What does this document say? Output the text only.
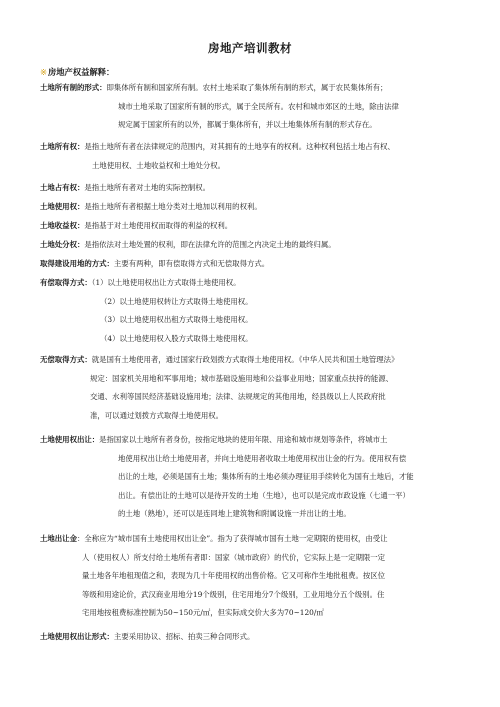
房地产培训教材
※房地产权益解释：

土地所有制的形式：即集体所有制和国家所有制。农村土地采取了集体所有制的形式，属于农民集体所有；

城市土地采取了国家所有制的形式，属于全民所有。农村和城市郊区的土地，除由法律

规定属于国家所有的以外，都属于集体所有，并以土地集体所有制的形式存在。

土地所有权：是指土地所有者在法律规定的范围内，对其拥有的土地享有的权利。这种权利包括土地占有权、

土地使用权、土地收益权和土地处分权。

土地占有权：是指土地所有者对土地的实际控制权。

土地使用权：是指土地所有者根据土地分类对土地加以利用的权利。

土地收益权：是指基于对土地使用权而取得的利益的权利。

土地处分权：是指依法对土地处置的权利，即在法律允许的范围之内决定土地的最终归属。

取得建设用地的方式：主要有两种，即有偿取得方式和无偿取得方式。

有偿取得方式：（1）以土地使用权出让方式取得土地使用权。

（2）以土地使用权转让方式取得土地使用权。

（3）以土地使用权出租方式取得土地使用权。

（4）以土地使用权入股方式取得土地使用权。

无偿取得方式：就是国有土地使用者，通过国家行政划拨方式取得土地使用权。《中华人民共和国土地管理法》

规定：国家机关用地和军事用地；城市基础设施用地和公益事业用地；国家重点扶持的能源、

交通、水利等国民经济基础设施用地；法律、法规规定的其他用地，经县级以上人民政府批

准，可以通过划拨方式取得土地使用权。

土地使用权出让：是指国家以土地所有者身份，按指定地块的使用年限、用途和城市规划等条件，将城市土

地使用权出让给土地使用者，并向土地使用者收取土地使用权出让金的行为。使用权有偿

出让的土地，必须是国有土地；集体所有的土地必须办理征用手续转化为国有土地后，才能

出让。有偿出让的土地可以是待开发的土地（生地），也可以是完成市政设施（七通一平）

的土地（熟地），还可以是连同地上建筑物和附属设施一并出让的土地。

土地出让金：全称应为“城市国有土地使用权出让金”。指为了获得城市国有土地一定期限的使用权，由受让

人（使用权人）所支付给土地所有者即：国家（城市政府）的代价，它实际上是一定期限一定

量土地各年地租现值之和，表现为几十年使用权的出售价格。它又可称作生地批租费。按区位

等级和用途论价，武汉商业用地分19个级别，住宅用地分7个级别，工业用地分五个级别。住

宅用地按租费标准控制为50~150元/㎡，但实际成交价大多为70~120/㎡

土地使用权出让形式：主要采用协议、招标、拍卖三种合同形式。
